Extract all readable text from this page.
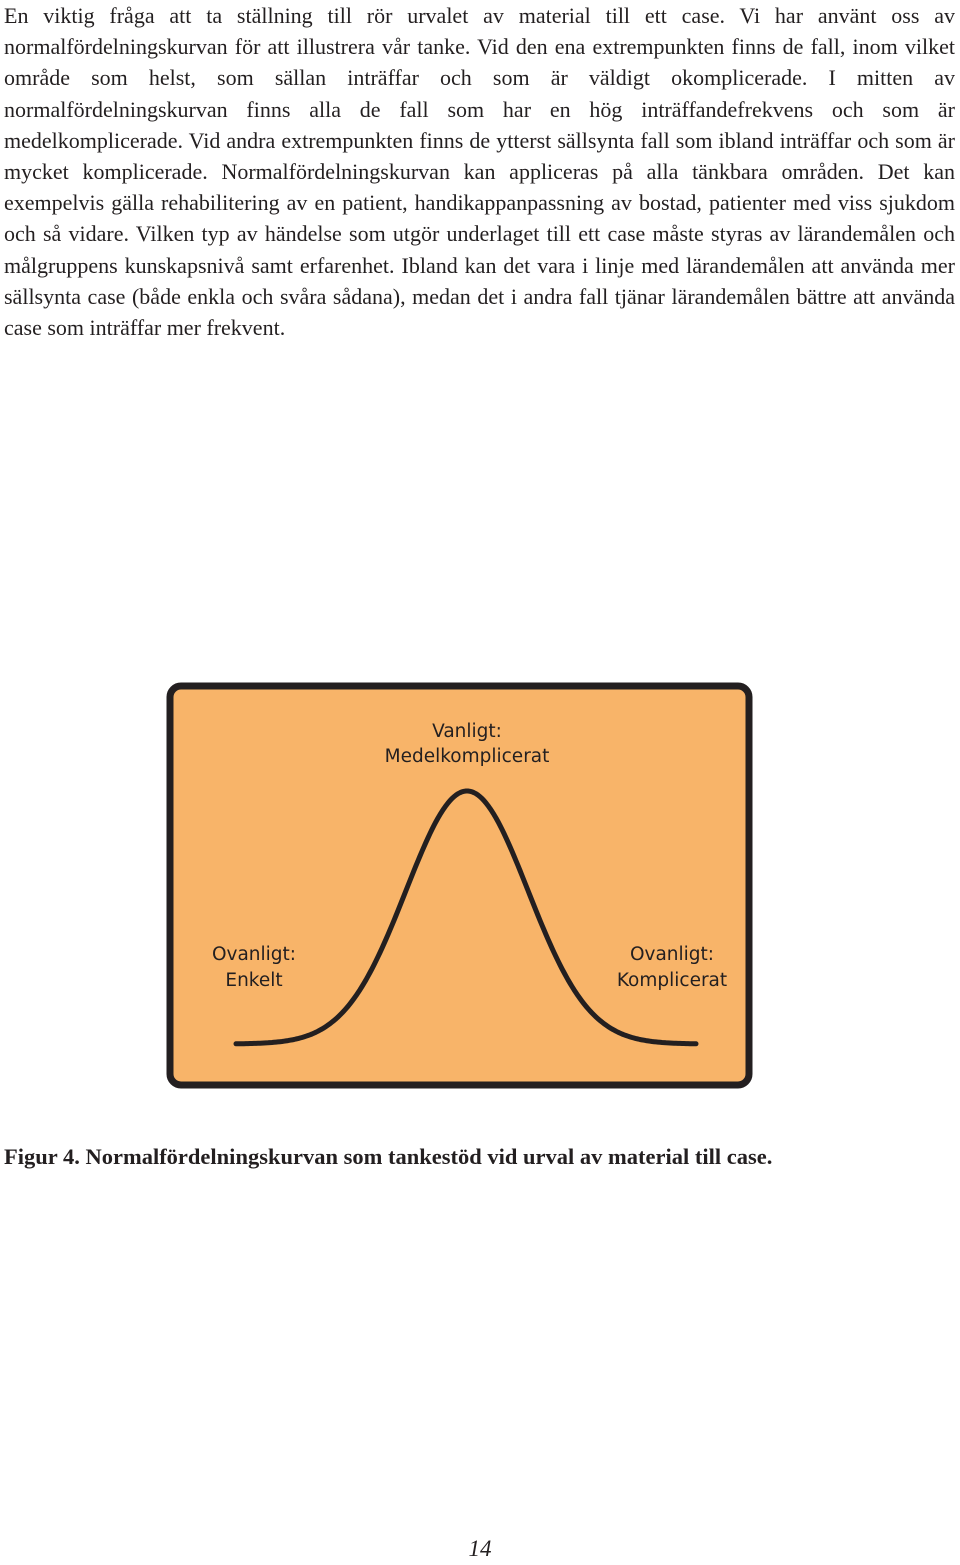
En viktig fråga att ta ställning till rör urvalet av material till ett case. Vi har använt oss av normalfördelningskurvan för att illustrera vår tanke. Vid den ena extrempunkten finns de fall, inom vilket område som helst, som sällan inträffar och som är väldigt okomplicerade. I mitten av normalfördelningskurvan finns alla de fall som har en hög inträffandefrekvens och som är medelkomplicerade. Vid andra extrempunkten finns de ytterst sällsynta fall som ibland inträffar och som är mycket komplicerade. Normalfördelningskurvan kan appliceras på alla tänkbara områden. Det kan exempelvis gälla rehabilitering av en patient, handikappanpassning av bostad, patienter med viss sjukdom och så vidare. Vilken typ av händelse som utgör underlaget till ett case måste styras av lärandemålen och målgruppens kunskapsnivå samt erfarenhet. Ibland kan det vara i linje med lärandemålen att använda mer sällsynta case (både enkla och svåra sådana), medan det i andra fall tjänar lärandemålen bättre att använda case som inträffar mer frekvent.

Vanligt:
Medelkomplicerat
Ovanligt:
Enkelt
Ovanligt:
Komplicerat

Figur 4. Normalfördelningskurvan som tankestöd vid urval av material till case.

14
